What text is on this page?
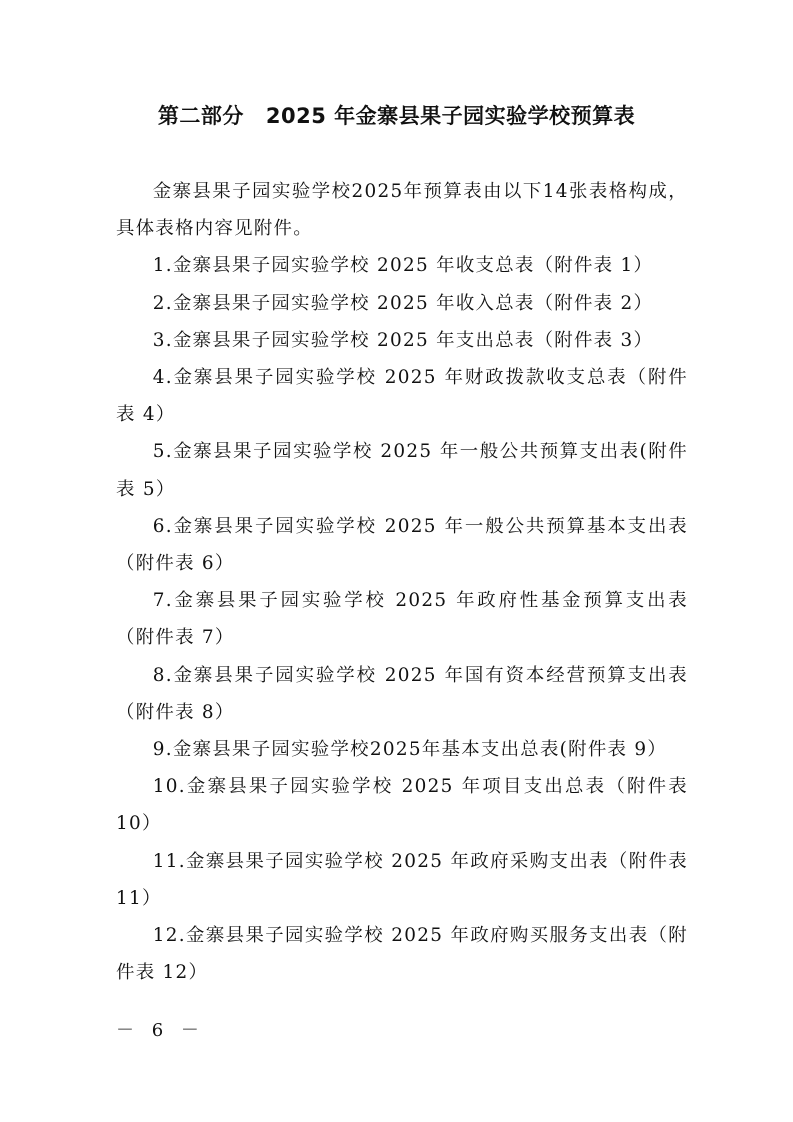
第二部分 2025 年金寨县果子园实验学校预算表

金寨县果子园实验学校2025年预算表由以下14张表格构成，具体表格内容见附件。

1.金寨县果子园实验学校 2025 年收支总表（附件表 1）

2.金寨县果子园实验学校 2025 年收入总表（附件表 2）

3.金寨县果子园实验学校 2025 年支出总表（附件表 3）

4.金寨县果子园实验学校 2025 年财政拨款收支总表（附件表 4）

5.金寨县果子园实验学校 2025 年一般公共预算支出表(附件表 5）

6.金寨县果子园实验学校 2025 年一般公共预算基本支出表（附件表 6）

7.金寨县果子园实验学校 2025 年政府性基金预算支出表（附件表 7）

8.金寨县果子园实验学校 2025 年国有资本经营预算支出表（附件表 8）

9.金寨县果子园实验学校2025年基本支出总表(附件表 9）

10.金寨县果子园实验学校 2025 年项目支出总表（附件表 10）

11.金寨县果子园实验学校 2025 年政府采购支出表（附件表 11）

12.金寨县果子园实验学校 2025 年政府购买服务支出表（附件表 12）

－ 6 －
